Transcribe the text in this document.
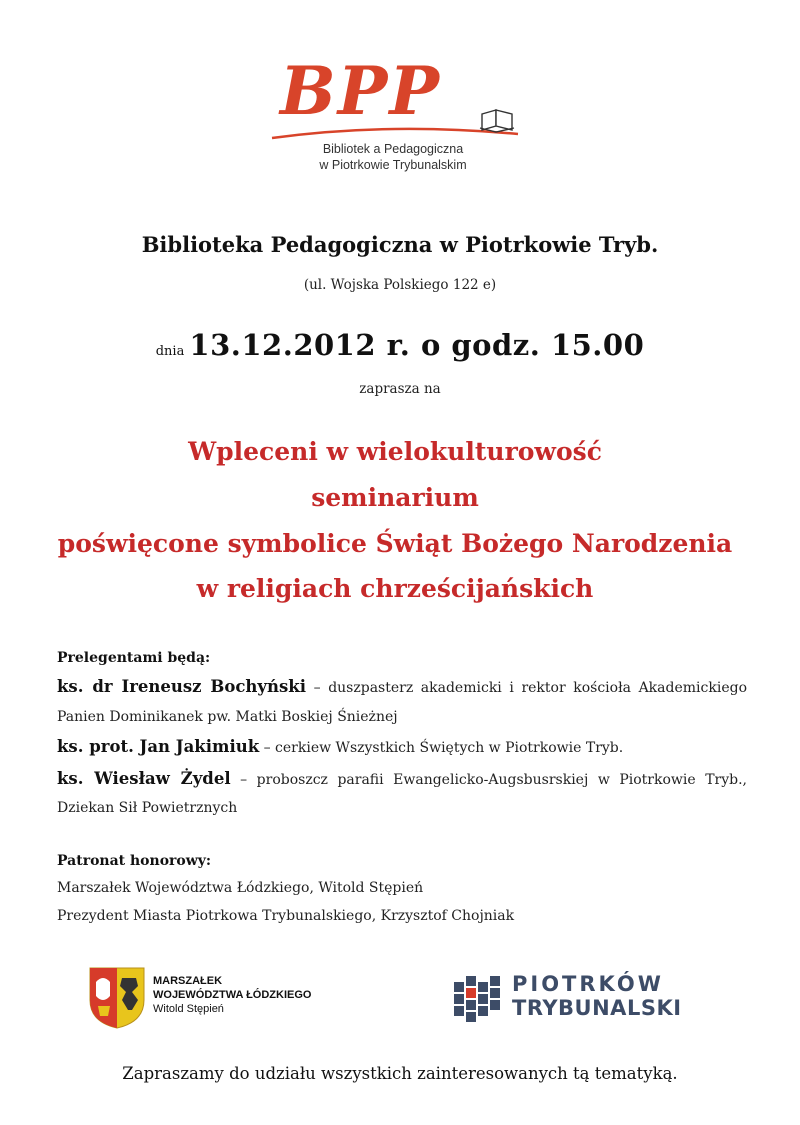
BPP
Bibliotek a Pedagogiczna
w Piotrkowie Trybunalskim
Biblioteka Pedagogiczna w Piotrkowie Tryb.
(ul. Wojska Polskiego 122 e)
dnia 13.12.2012 r. o godz. 15.00
zaprasza na
Wpleceni w wielokulturowość
seminarium
poświęcone symbolice Świąt Bożego Narodzenia
w religiach chrześcijańskich
Prelegentami będą:
ks. dr Ireneusz Bochyński – duszpasterz akademicki i rektor kościoła Akademickiego
Panien Dominikanek pw. Matki Boskiej Śnieżnej
ks. prot. Jan Jakimiuk – cerkiew Wszystkich Świętych w Piotrkowie Tryb.
ks. Wiesław Żydel – proboszcz parafii Ewangelicko-Augsbusrskiej w Piotrkowie Tryb.,
Dziekan Sił Powietrznych
Patronat honorowy:
Marszałek Województwa Łódzkiego, Witold Stępień
Prezydent Miasta Piotrkowa Trybunalskiego, Krzysztof Chojniak
MARSZAŁEK
WOJEWÓDZTWA ŁÓDZKIEGO
Witold Stępień
PIOTRKÓW
TRYBUNALSKI
Zapraszamy do udziału wszystkich zainteresowanych tą tematyką.
